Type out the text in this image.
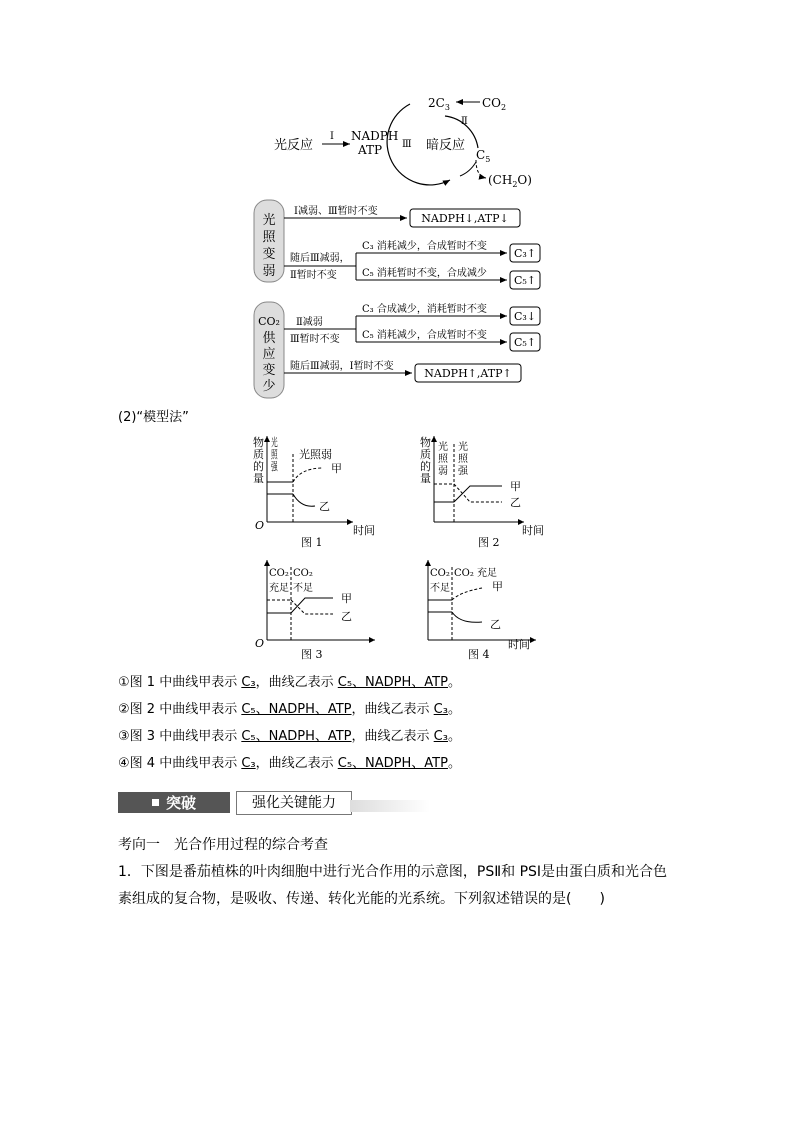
光反应
Ⅰ NADPH
ATP Ⅲ 暗反应
$2C_3$	$CO_2$
Ⅱ
$C_5$
$(CH_2O)$
光
照
变
弱
Ⅰ减弱、Ⅲ暂时不变
NADPH↓,ATP↓
随后Ⅲ减弱，
Ⅱ暂时不变
C₃ 消耗减少，合成暂时不变
C₅ 消耗暂时不变，合成减少
C₃↑
C₅↑
CO₂
供
应
变
少
Ⅱ减弱
Ⅲ暂时不变
C₃ 合成减少，消耗暂时不变
C₅ 消耗减少，合成暂时不变
C₃↓
C₅↑
随后Ⅲ减弱，Ⅰ暂时不变
NADPH↑,ATP↑
(2)“模型法”
O
物质的量
时间
光照强
光照弱
甲
乙
图 1
物质的量
时间
光照弱
光照强
甲
乙
图 2
O
CO₂
充足
CO₂
不足
甲
乙
图 3
CO₂
不足
CO₂ 充足
甲
乙
时间
图 4
①图 1 中曲线甲表示 C₃，曲线乙表示 C₅、NADPH、ATP。
②图 2 中曲线甲表示 C₅、NADPH、ATP，曲线乙表示 C₃。
③图 3 中曲线甲表示 C₅、NADPH、ATP，曲线乙表示 C₃。
④图 4 中曲线甲表示 C₃，曲线乙表示 C₅、NADPH、ATP。
突破	强化关键能力
考向一　光合作用过程的综合考查
1．下图是番茄植株的叶肉细胞中进行光合作用的示意图，PSⅡ和 PSⅠ是由蛋白质和光合色
素组成的复合物，是吸收、传递、转化光能的光系统。下列叙述错误的是(　　)
